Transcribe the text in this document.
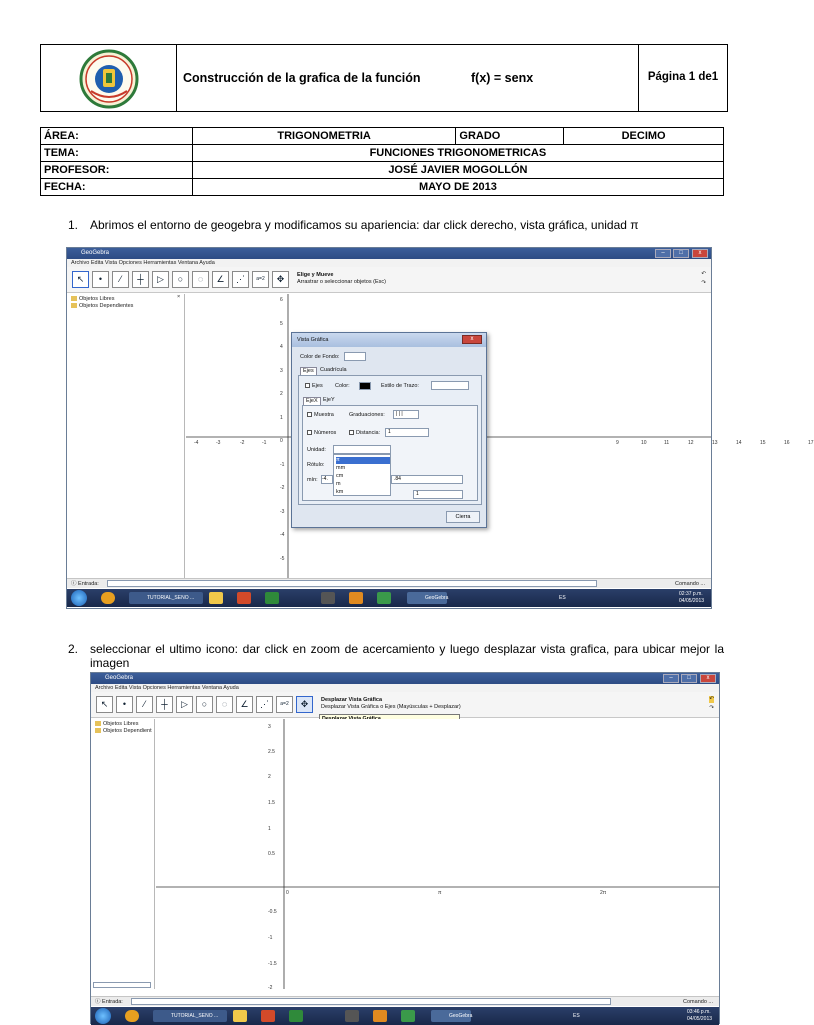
Construcción de la grafica de la función	f(x) = senx	Página 1 de1
ÁREA:	TRIGONOMETRIA	GRADO	DECIMO
TEMA:	FUNCIONES TRIGONOMETRICAS		
PROFESOR:	JOSÉ JAVIER MOGOLLÓN		
FECHA:	MAYO DE 2013		
1. Abrimos el entorno de geogebra y modificamos su apariencia: dar click derecho, vista gráfica, unidad π
GeoGebra	–	□	x
Archivo Edita Vista Opciones Herramientas Ventana Ayuda
↖	•	⁄	┼	▷	○	◌	∠	⋰	a=2	✥	Elige y Mueve
Arrastrar o seleccionar objetos (Esc)
↶
↷
Objetos Libres
Objetos Dependientes
×
Vista Gráfica	x
Color de Fondo:
Ejes	Cuadrícula
Ejes Color:	Estilo de Trazo:
EjeX EjeY
Muestra	Graduaciones:	| | |
Números	Distancia:	1
Unidad:
Rótulo:
mín: -4.	.84
1
π
mm
cm
m
km
Cierra
ⓘ Entrada:	Comando ...
TUTORIAL_SENO ...	GeoGebra	ES
02:37 p.m.
04/05/2013
-4	-3	-2	-1	9	10	11	12	13	14	15	16	17
6
5
4
3
2
1
0
-1
-2
-3
-4
-5
2. seleccionar el ultimo icono: dar click en zoom de acercamiento y luego desplazar vista grafica, para ubicar mejor la imagen
GeoGebra	–	□	x
Archivo Edita Vista Opciones Herramientas Ventana Ayuda
↖	•	⁄	┼	▷	○	◌	∠	⋰	a=2	✥	Desplazar Vista Gráfica
Desplazar Vista Gráfica o Ejes (Mayúsculas + Desplazar)
↶
↷
Objetos Libres
Objetos Dependient
ⓘ Entrada:	Comando ...
TUTORIAL_SENO ...	GeoGebra	ES
03:46 p.m.
04/05/2013
0	π	2π
3
2.5
2
1.5
1
0.5
-0.5
-1
-1.5
-2
